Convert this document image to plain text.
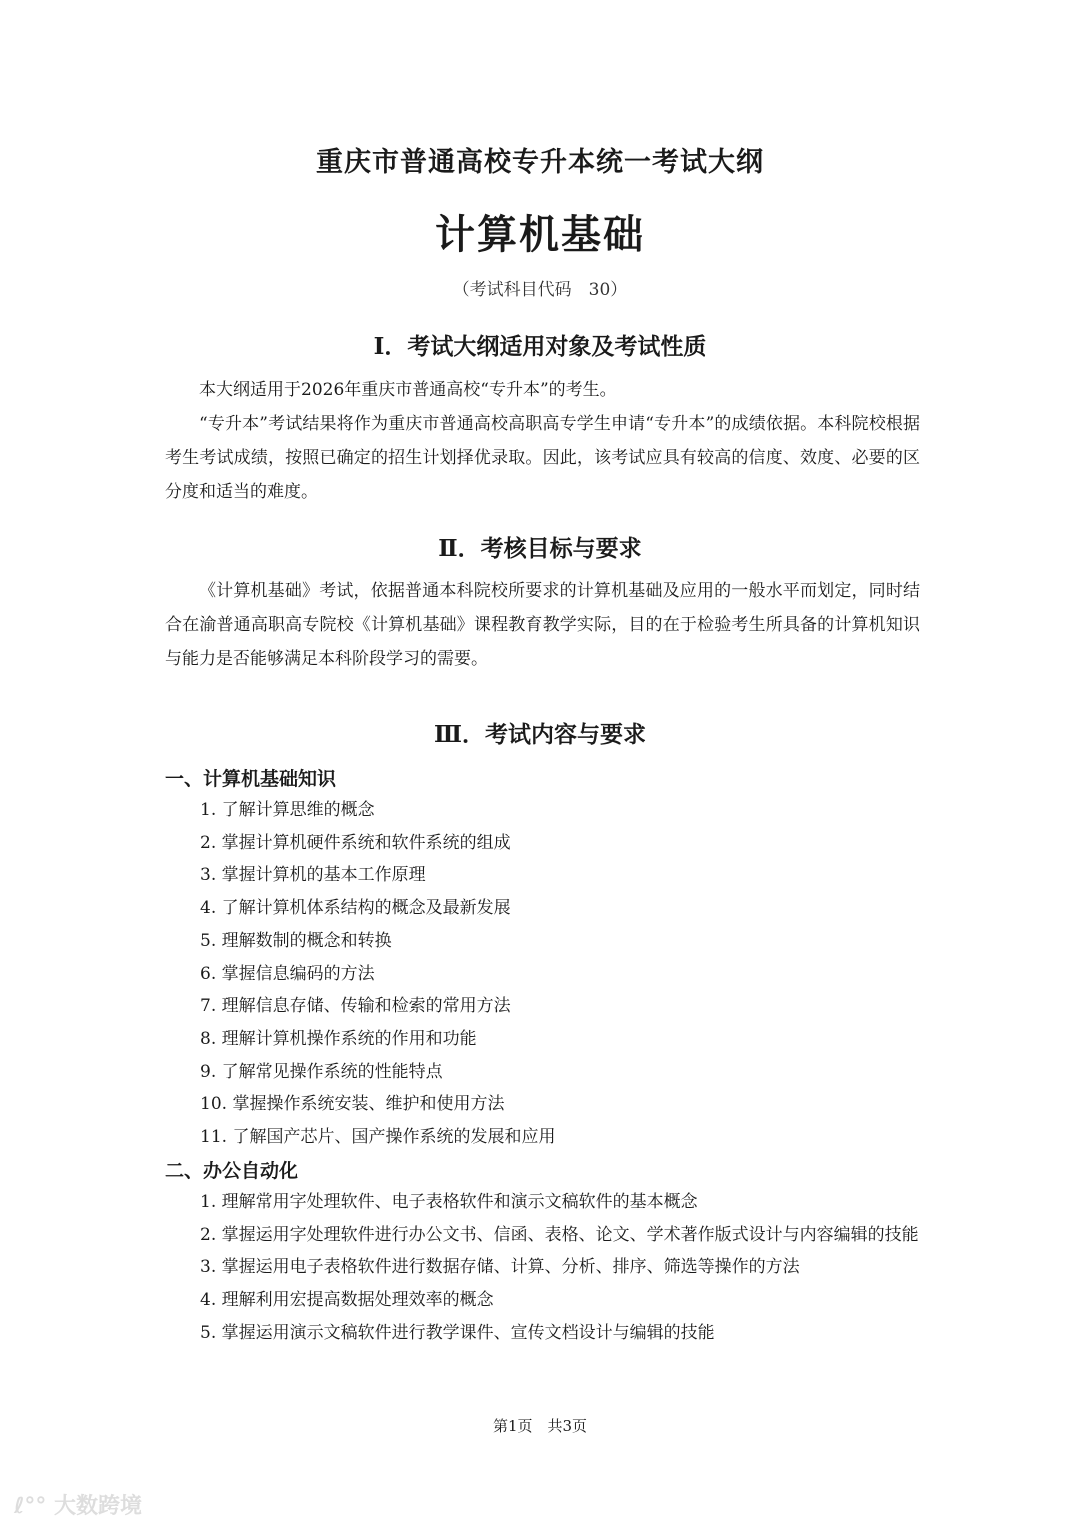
重庆市普通高校专升本统一考试大纲
计算机基础
（考试科目代码　30）
Ⅰ．考试大纲适用对象及考试性质

本大纲适用于2026年重庆市普通高校“专升本”的考生。

“专升本”考试结果将作为重庆市普通高校高职高专学生申请“专升本”的成绩依据。本科院校根据考生考试成绩，按照已确定的招生计划择优录取。因此，该考试应具有较高的信度、效度、必要的区分度和适当的难度。

Ⅱ．考核目标与要求

《计算机基础》考试，依据普通本科院校所要求的计算机基础及应用的一般水平而划定，同时结合在渝普通高职高专院校《计算机基础》课程教育教学实际，目的在于检验考生所具备的计算机知识与能力是否能够满足本科阶段学习的需要。

Ⅲ．考试内容与要求
一、计算机基础知识
1. 了解计算思维的概念
2. 掌握计算机硬件系统和软件系统的组成
3. 掌握计算机的基本工作原理
4. 了解计算机体系结构的概念及最新发展
5. 理解数制的概念和转换
6. 掌握信息编码的方法
7. 理解信息存储、传输和检索的常用方法
8. 理解计算机操作系统的作用和功能
9. 了解常见操作系统的性能特点
10. 掌握操作系统安装、维护和使用方法
11. 了解国产芯片、国产操作系统的发展和应用
二、办公自动化
1. 理解常用字处理软件、电子表格软件和演示文稿软件的基本概念
2. 掌握运用字处理软件进行办公文书、信函、表格、论文、学术著作版式设计与内容编辑的技能
3. 掌握运用电子表格软件进行数据存储、计算、分析、排序、筛选等操作的方法
4. 理解利用宏提高数据处理效率的概念
5. 掌握运用演示文稿软件进行教学课件、宣传文档设计与编辑的技能
第1页　共3页
ℓ°° 大数跨境
